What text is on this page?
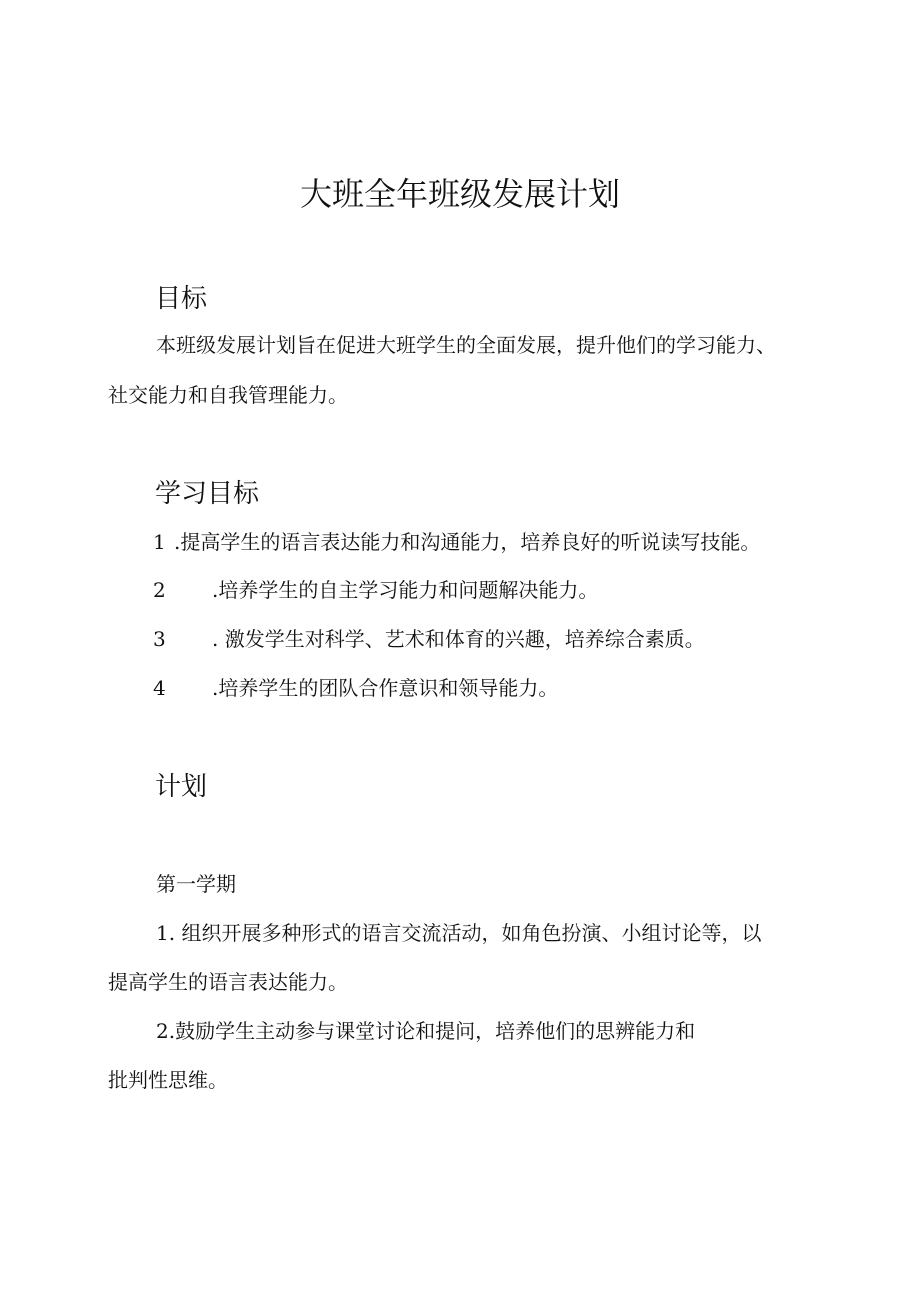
大班全年班级发展计划
目标
本班级发展计划旨在促进大班学生的全面发展，提升他们的学习能力、
社交能力和自我管理能力。
学习目标
1 .提高学生的语言表达能力和沟通能力，培养良好的听说读写技能。
2 .培养学生的自主学习能力和问题解决能力。
3 . 激发学生对科学、艺术和体育的兴趣，培养综合素质。
4 .培养学生的团队合作意识和领导能力。
计划
第一学期
1. 组织开展多种形式的语言交流活动，如角色扮演、小组讨论等，以
提高学生的语言表达能力。
2.鼓励学生主动参与课堂讨论和提问，培养他们的思辨能力和
批判性思维。
